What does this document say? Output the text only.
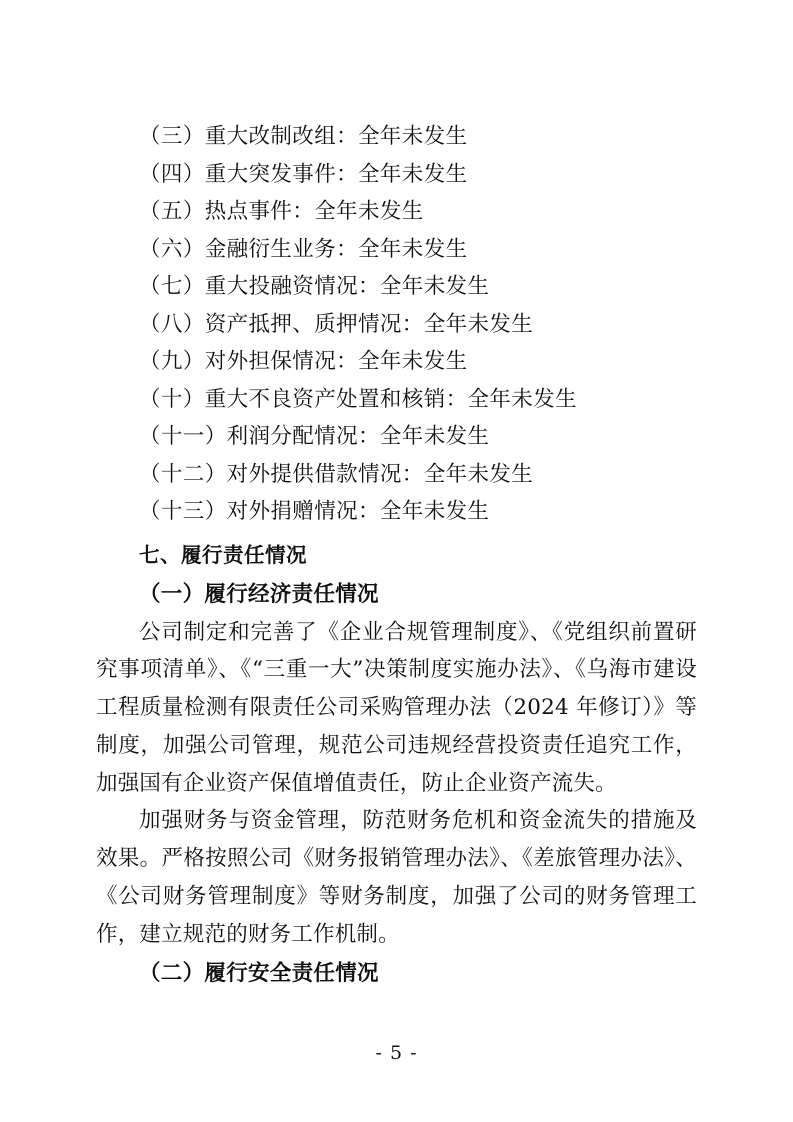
（三）重大改制改组：全年未发生
（四）重大突发事件：全年未发生
（五）热点事件：全年未发生
（六）金融衍生业务：全年未发生
（七）重大投融资情况：全年未发生
（八）资产抵押、质押情况：全年未发生
（九）对外担保情况：全年未发生
（十）重大不良资产处置和核销：全年未发生
（十一）利润分配情况：全年未发生
（十二）对外提供借款情况：全年未发生
（十三）对外捐赠情况：全年未发生
七、履行责任情况
（一）履行经济责任情况
公司制定和完善了《企业合规管理制度》、《党组织前置研究事项清单》、《“三重一大”决策制度实施办法》、《乌海市建设工程质量检测有限责任公司采购管理办法（2024 年修订）》等制度，加强公司管理，规范公司违规经营投资责任追究工作，加强国有企业资产保值增值责任，防止企业资产流失。
加强财务与资金管理，防范财务危机和资金流失的措施及效果。严格按照公司《财务报销管理办法》、《差旅管理办法》、《公司财务管理制度》等财务制度，加强了公司的财务管理工作，建立规范的财务工作机制。
（二）履行安全责任情况
- 5 -
